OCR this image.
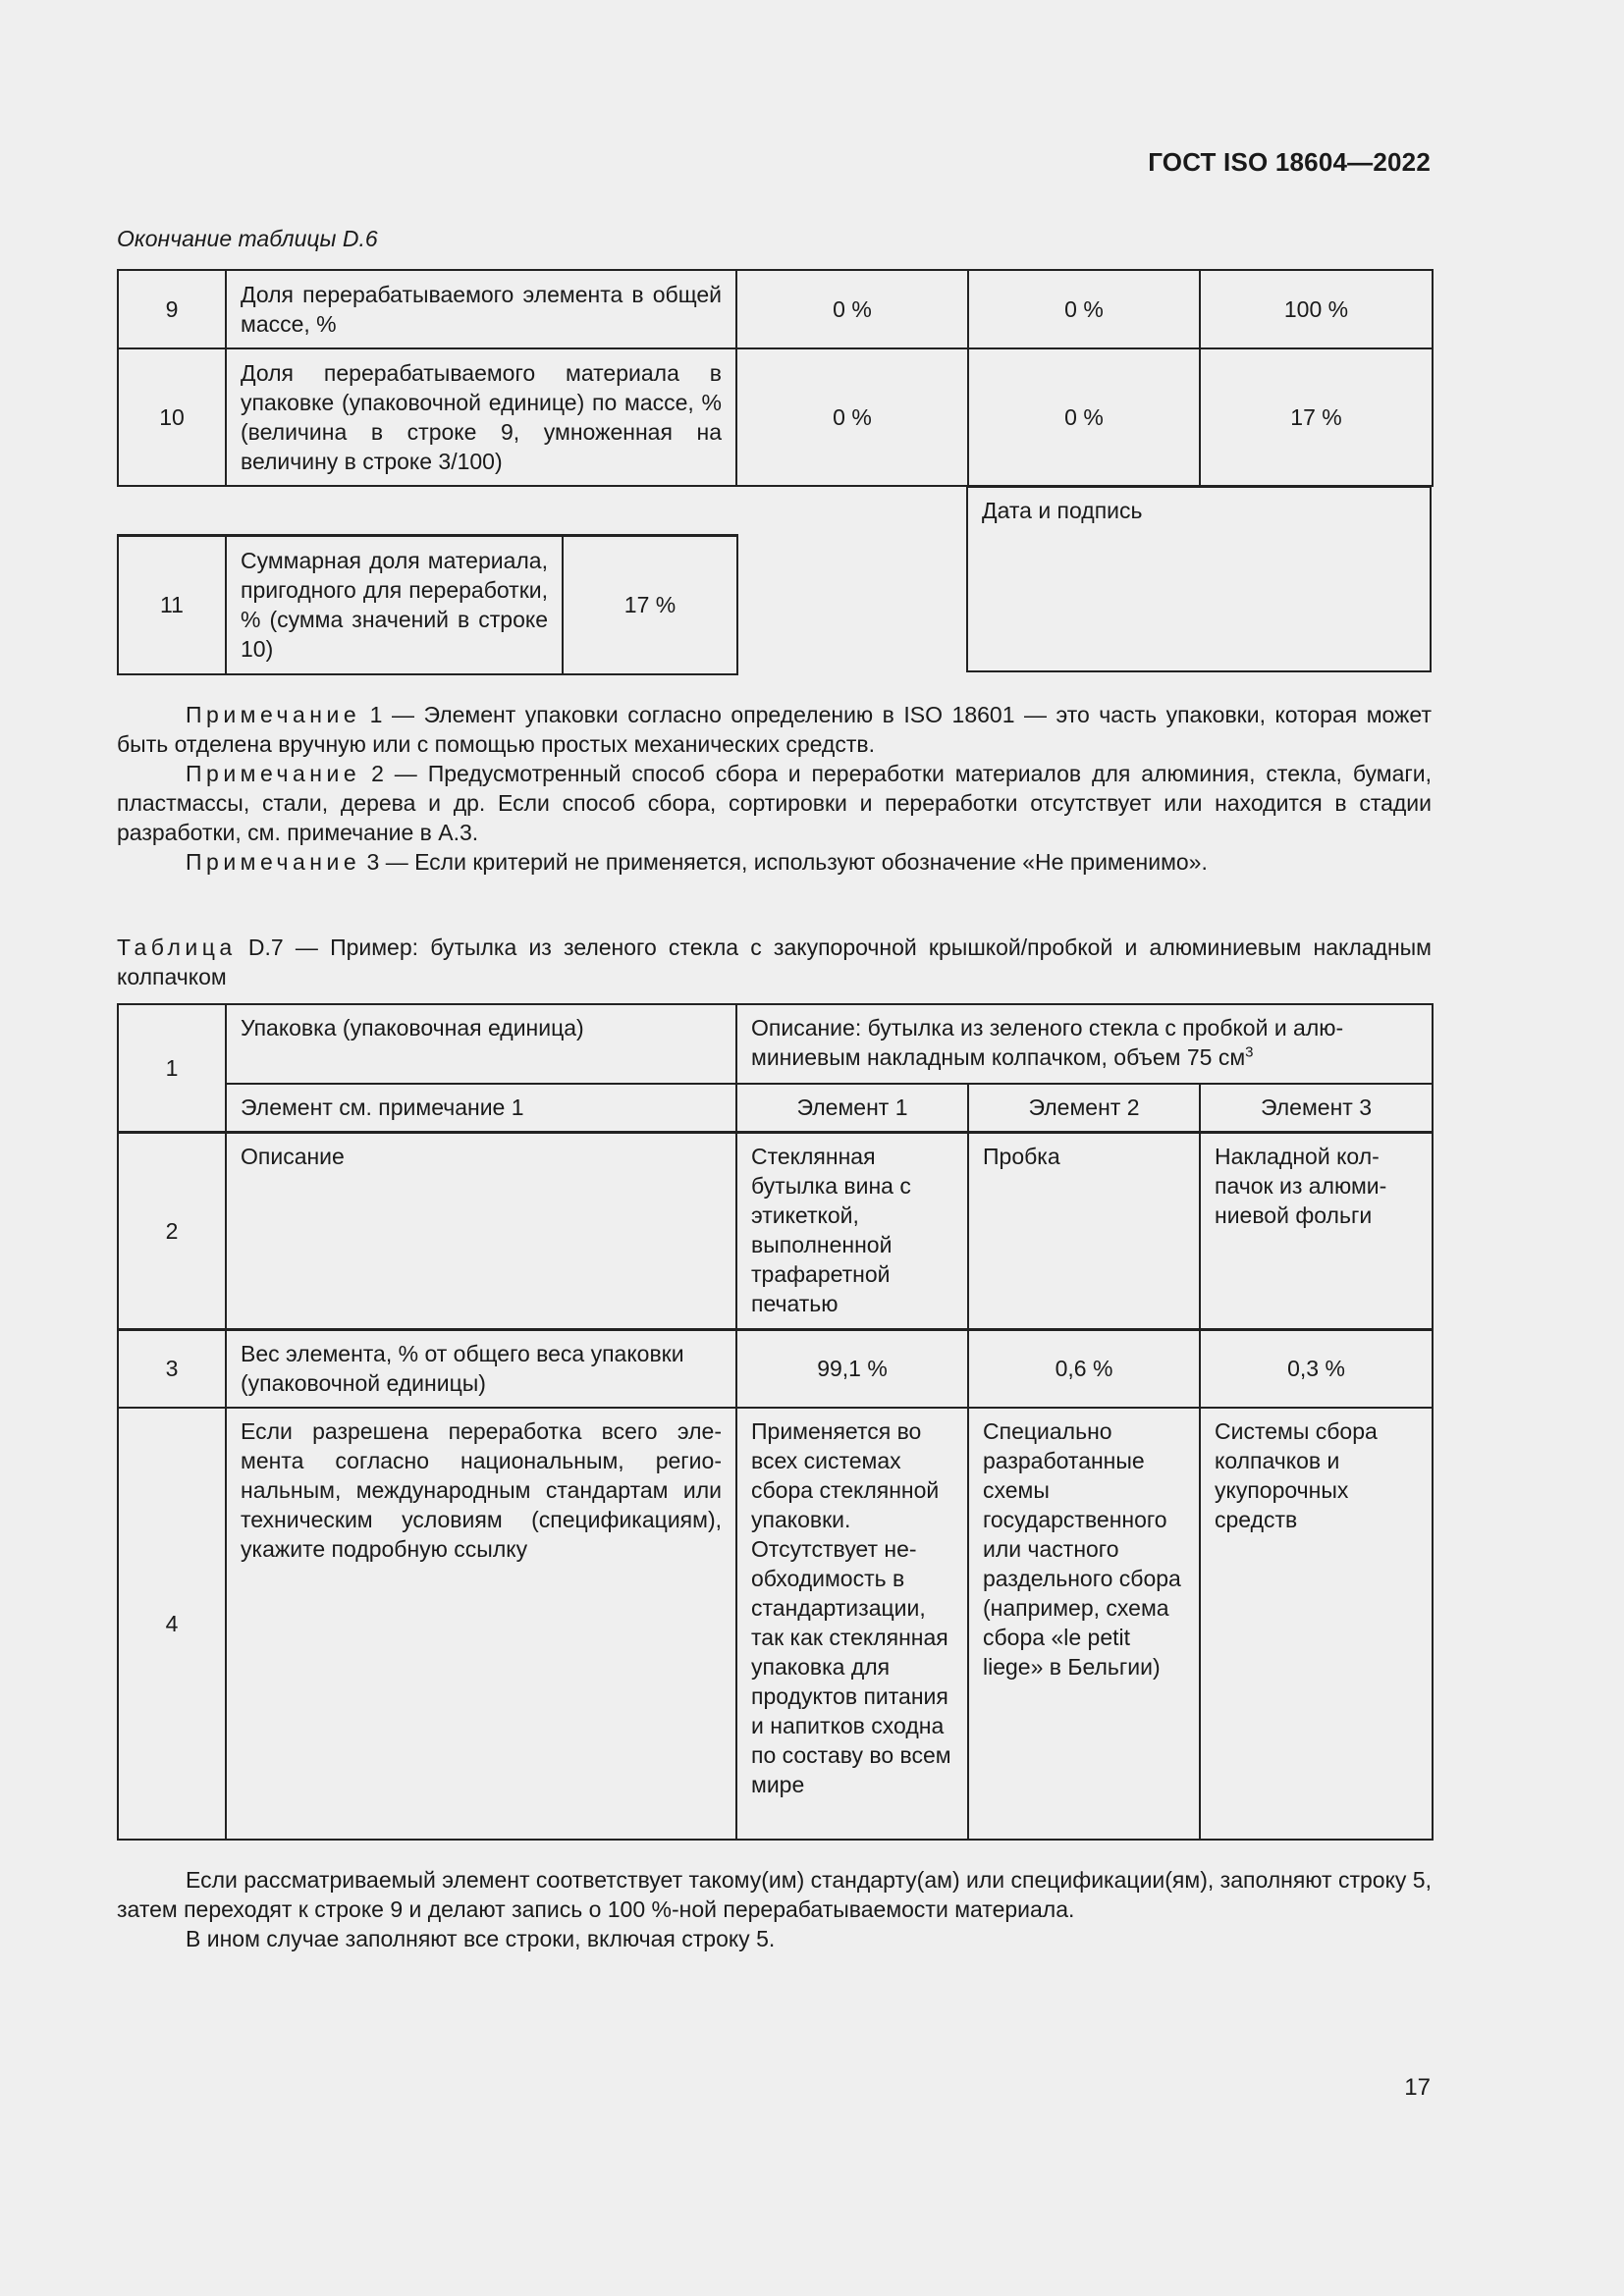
ГОСТ ISO 18604—2022
Окончание таблицы D.6
9	Доля перерабатываемого элемента в общей массе, %	0 %	0 %	100 %
10	Доля перерабатываемого материала в упаковке (упаковочной единице) по массе, % (величина в строке 9, умноженная на величину в строке 3/100)	0 %	0 %	17 %
11	Суммарная доля материала, пригодного для переработки, % (сумма значений в строке 10)	17 %
Дата и подпись

Примечание 1 — Элемент упаковки согласно определению в ISO 18601 — это часть упаковки, которая может быть отделена вручную или с помощью простых механических средств.

Примечание 2 — Предусмотренный способ сбора и переработки материалов для алюминия, стекла, бумаги, пластмассы, стали, дерева и др. Если способ сбора, сортировки и переработки отсутствует или находится в стадии разработки, см. примечание в А.3.

Примечание 3 — Если критерий не применяется, используют обозначение «Не применимо».

Таблица D.7 — Пример: бутылка из зеленого стекла с закупорочной крышкой/пробкой и алюминиевым накладным колпачком
1	Упаковка (упаковочная единица)	Описание: бутылка из зеленого стекла с пробкой и алюминиевым накладным колпачком, объем 75 $см^3$
	Элемент см. примечание 1	Элемент 1	Элемент 2	Элемент 3
2	Описание	Стеклянная бутылка вина с этикеткой, выполненной трафаретной печатью	Пробка	Накладной колпачок из алюминиевой фольги
3	Вес элемента, % от общего веса упаковки (упаковочной единицы)	99,1 %	0,6 %	0,3 %
4	Если разрешена переработка всего элемента согласно национальным, региональным, международным стандартам или техническим условиям (спецификациям), укажите подробную ссылку	Применяется во всех системах сбора стеклянной упаковки. Отсутствует необходимость в стандартизации, так как стеклянная упаковка для продуктов питания и напитков сходна по составу во всем мире	Специально разработанные схемы государственного или частного раздельного сбора (например, схема сбора «le petit liege» в Бельгии)	Системы сбора колпачков и укупорочных средств

Если рассматриваемый элемент соответствует такому(им) стандарту(ам) или спецификации(ям), заполняют строку 5, затем переходят к строке 9 и делают запись о 100 %-ной перерабатываемости материала.

В ином случае заполняют все строки, включая строку 5.

17
